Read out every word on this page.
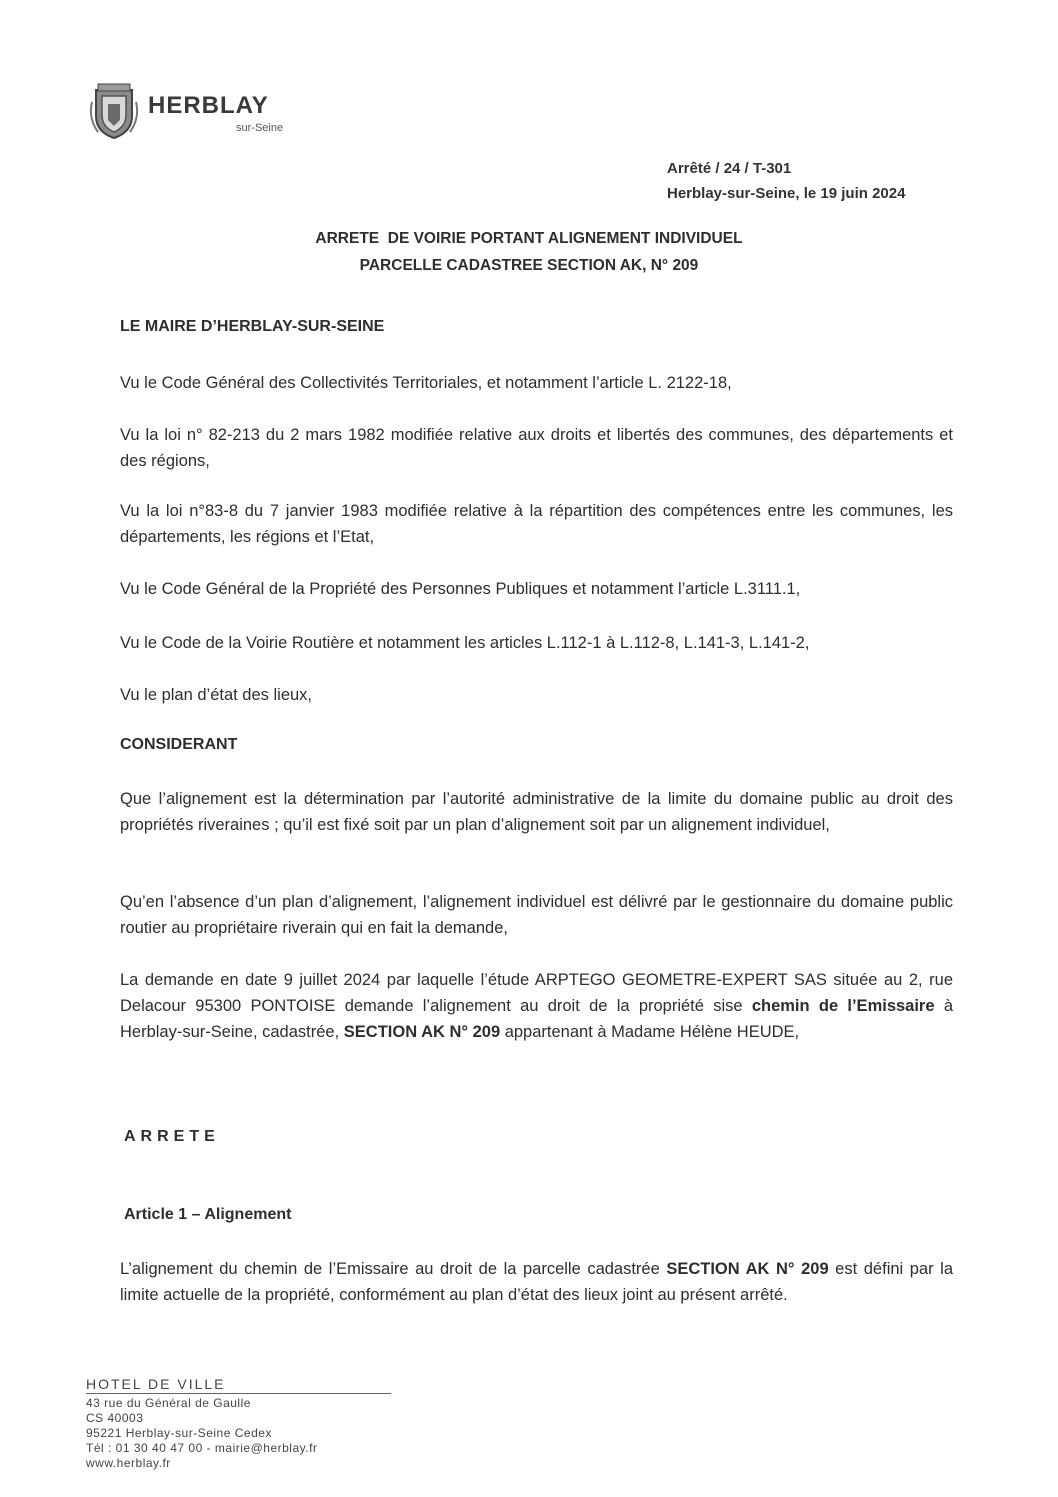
HERBLAY
sur-Seine
Arrêté / 24 / T-301
Herblay-sur-Seine, le 19 juin 2024
ARRETE  DE VOIRIE PORTANT ALIGNEMENT INDIVIDUEL
PARCELLE CADASTREE SECTION AK, N° 209
LE MAIRE D’HERBLAY-SUR-SEINE
Vu le Code Général des Collectivités Territoriales, et notamment l’article L. 2122-18,
Vu la loi n° 82-213 du 2 mars 1982 modifiée relative aux droits et libertés des communes, des départements et des régions,
Vu la loi n°83-8 du 7 janvier 1983 modifiée relative à la répartition des compétences entre les communes, les départements, les régions et l’Etat,
Vu le Code Général de la Propriété des Personnes Publiques et notamment l’article L.3111.1,
Vu le Code de la Voirie Routière et notamment les articles L.112-1 à L.112-8, L.141-3, L.141-2,
Vu le plan d’état des lieux,
CONSIDERANT
Que l’alignement est la détermination par l’autorité administrative de la limite du domaine public au droit des propriétés riveraines ; qu’il est fixé soit par un plan d’alignement soit par un alignement individuel,
Qu’en l’absence d’un plan d’alignement, l’alignement individuel est délivré par le gestionnaire du domaine public routier au propriétaire riverain qui en fait la demande,
La demande en date 9 juillet 2024 par laquelle l’étude ARPTEGO GEOMETRE-EXPERT SAS située au 2, rue Delacour 95300 PONTOISE demande l’alignement au droit de la propriété sise chemin de l’Emissaire à Herblay-sur-Seine, cadastrée, SECTION AK N° 209 appartenant à Madame Hélène HEUDE,
ARRETE
Article 1 – Alignement
L’alignement du chemin de l’Emissaire au droit de la parcelle cadastrée SECTION AK N° 209 est défini par la limite actuelle de la propriété, conformément au plan d’état des lieux joint au présent arrêté.
HOTEL DE VILLE
43 rue du Général de Gaulle
CS 40003
95221 Herblay-sur-Seine Cedex
Tél : 01 30 40 47 00 - mairie@herblay.fr
www.herblay.fr
